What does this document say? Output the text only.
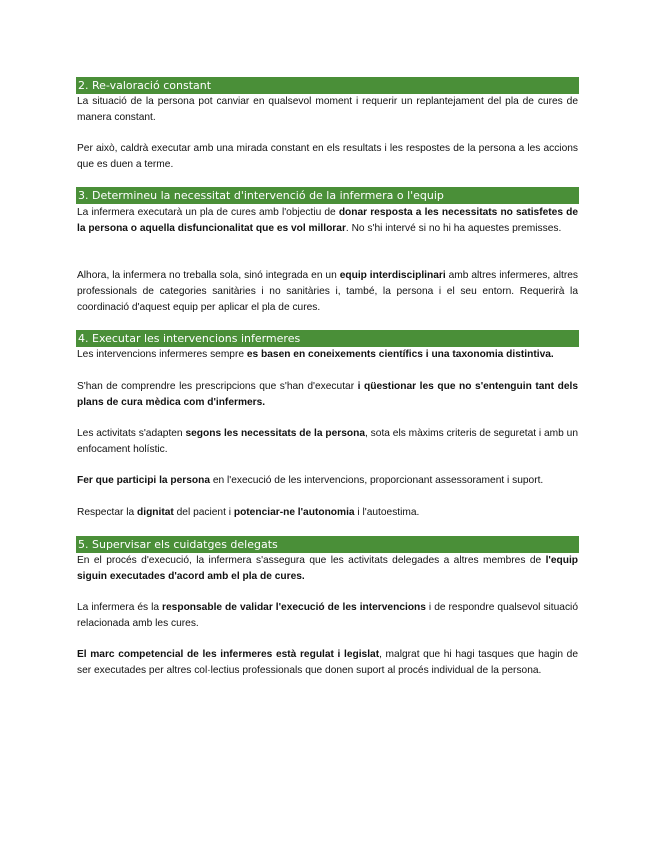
2. Re-valoració constant

La situació de la persona pot canviar en qualsevol moment i requerir un replantejament del pla de cures de manera constant.

Per això, caldrà executar amb una mirada constant en els resultats i les respostes de la persona a les accions que es duen a terme.

3. Determineu la necessitat d'intervenció de la infermera o l'equip

La infermera executarà un pla de cures amb l'objectiu de donar resposta a les necessitats no satisfetes de la persona o aquella disfuncionalitat que es vol millorar. No s'hi intervé si no hi ha aquestes premisses.

Alhora, la infermera no treballa sola, sinó integrada en un equip interdisciplinari amb altres infermeres, altres professionals de categories sanitàries i no sanitàries i, també, la persona i el seu entorn. Requerirà la coordinació d'aquest equip per aplicar el pla de cures.

4. Executar les intervencions infermeres

Les intervencions infermeres sempre es basen en coneixements científics i una taxonomia distintiva.

S'han de comprendre les prescripcions que s'han d'executar i qüestionar les que no s'entenguin tant dels plans de cura mèdica com d'infermers.

Les activitats s'adapten segons les necessitats de la persona, sota els màxims criteris de seguretat i amb un enfocament holístic.

Fer que participi la persona en l'execució de les intervencions, proporcionant assessorament i suport.

Respectar la dignitat del pacient i potenciar-ne l'autonomia i l'autoestima.

5. Supervisar els cuidatges delegats

En el procés d'execució, la infermera s'assegura que les activitats delegades a altres membres de l'equip siguin executades d'acord amb el pla de cures.

La infermera és la responsable de validar l'execució de les intervencions i de respondre qualsevol situació relacionada amb les cures.

El marc competencial de les infermeres està regulat i legislat, malgrat que hi hagi tasques que hagin de ser executades per altres col·lectius professionals que donen suport al procés individual de la persona.
